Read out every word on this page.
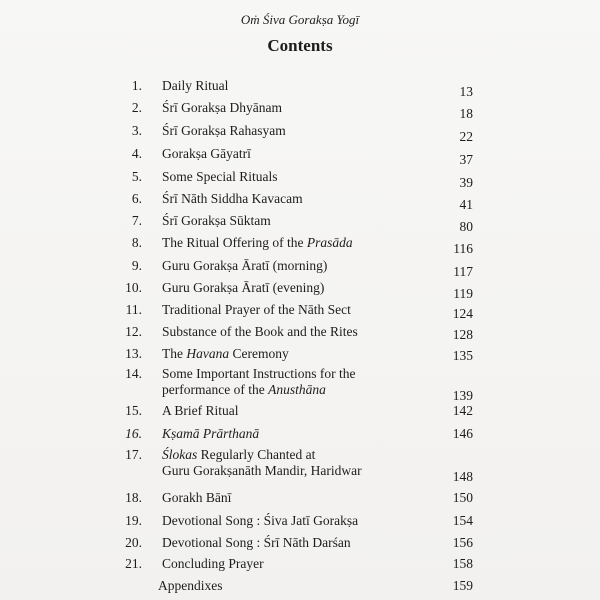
Oṁ Śiva Gorakṣa Yogī
Contents
1. Daily Ritual	13
2. Śrī Gorakṣa Dhyānam	18
3. Śrī Gorakṣa Rahasyam	22
4. Gorakṣa Gāyatrī	37
5. Some Special Rituals	39
6. Śrī Nāth Siddha Kavacam	41
7. Śrī Gorakṣa Sūktam	80
8. The Ritual Offering of the Prasāda	116
9. Guru Gorakṣa Āratī (morning)	117
10. Guru Gorakṣa Āratī (evening)	119
11. Traditional Prayer of the Nāth Sect	124
12. Substance of the Book and the Rites	128
13. The Havana Ceremony	135
14. Some Important Instructions for the
performance of the Anusthāna	139
15. A Brief Ritual	142
16. Kṣamā Prārthanā	146
17. Ślokas Regularly Chanted at
Guru Gorakṣanāth Mandir, Haridwar	148
18. Gorakh Bānī	150
19. Devotional Song : Śiva Jatī Gorakṣa	154
20. Devotional Song : Śrī Nāth Darśan	156
21. Concluding Prayer	158
Appendixes	159
